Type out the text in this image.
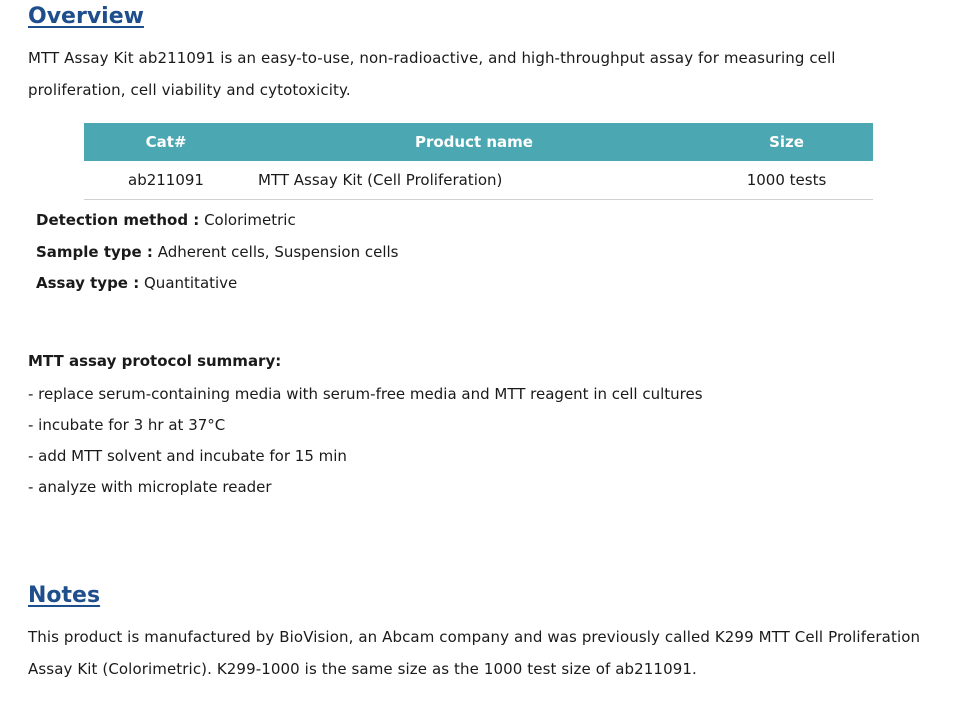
Overview

MTT Assay Kit ab211091 is an easy-to-use, non-radioactive, and high-throughput assay for measuring cell proliferation, cell viability and cytotoxicity.

Cat#	Product name	Size
ab211091	MTT Assay Kit (Cell Proliferation)	1000 tests

Detection method : Colorimetric

Sample type : Adherent cells, Suspension cells

Assay type : Quantitative

MTT assay protocol summary:

- replace serum-containing media with serum-free media and MTT reagent in cell cultures

- incubate for 3 hr at 37°C

- add MTT solvent and incubate for 15 min

- analyze with microplate reader

Notes

This product is manufactured by BioVision, an Abcam company and was previously called K299 MTT Cell Proliferation Assay Kit (Colorimetric). K299-1000 is the same size as the 1000 test size of ab211091.
